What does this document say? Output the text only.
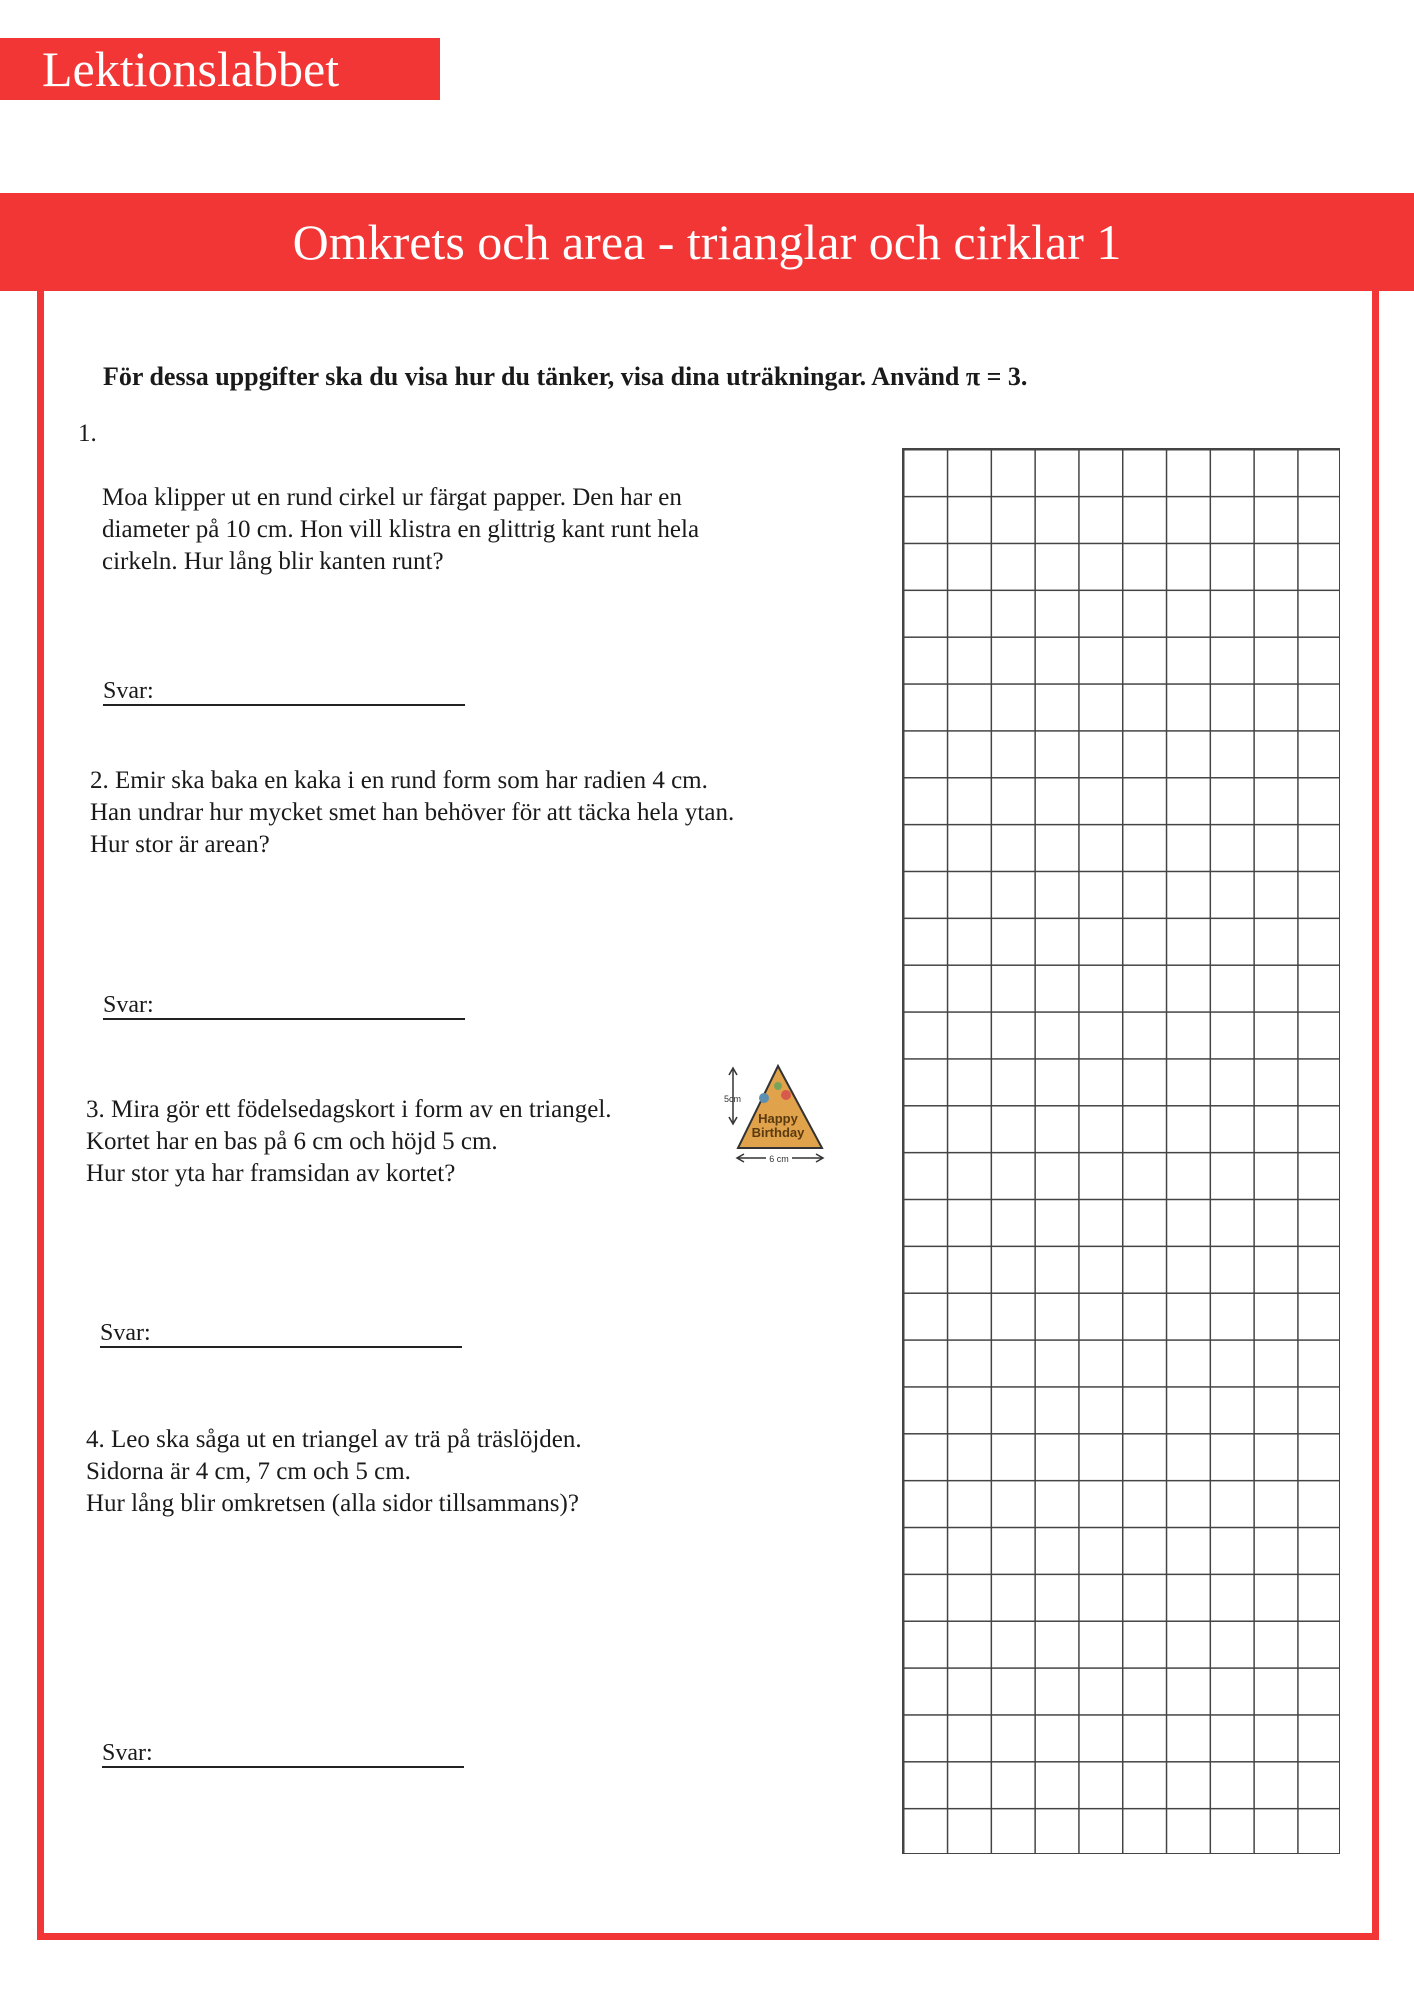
Lektionslabbet
Omkrets och area - trianglar och cirklar 1
För dessa uppgifter ska du visa hur du tänker, visa dina uträkningar. Använd π = 3.

1.

Moa klipper ut en rund cirkel ur färgat papper. Den har en
diameter på 10 cm. Hon vill klistra en glittrig kant runt hela
cirkeln. Hur lång blir kanten runt?

Svar:

2. Emir ska baka en kaka i en rund form som har radien 4 cm.
Han undrar hur mycket smet han behöver för att täcka hela ytan.
Hur stor är arean?

Svar:

3. Mira gör ett födelsedagskort i form av en triangel.
Kortet har en bas på 6 cm och höjd 5 cm.
Hur stor yta har framsidan av kortet?

5cm
Happy
Birthday
6 cm
Svar:

4. Leo ska såga ut en triangel av trä på träslöjden.
Sidorna är 4 cm, 7 cm och 5 cm.
Hur lång blir omkretsen (alla sidor tillsammans)?

Svar:
